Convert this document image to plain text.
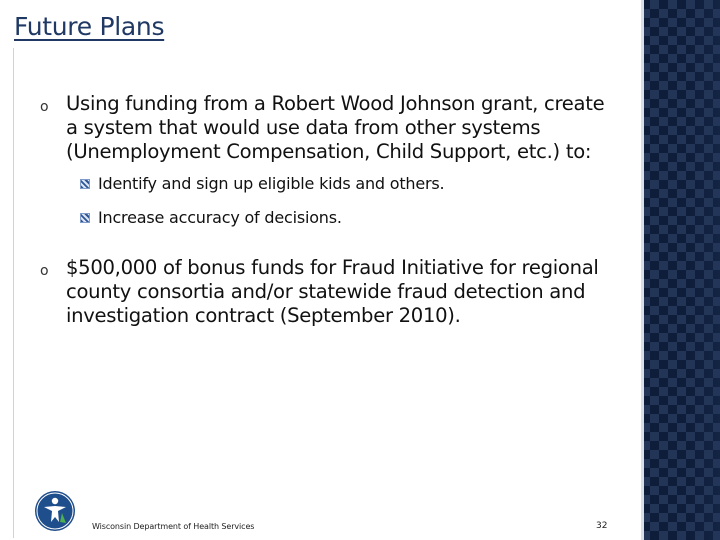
Future Plans
o Using funding from a Robert Wood Johnson grant, create a system that would use data from other systems (Unemployment Compensation, Child Support, etc.) to:
Identify and sign up eligible kids and others.
Increase accuracy of decisions.
o $500,000 of bonus funds for Fraud Initiative for regional county consortia and/or statewide fraud detection and investigation contract (September 2010).
Wisconsin Department of Health Services	32
